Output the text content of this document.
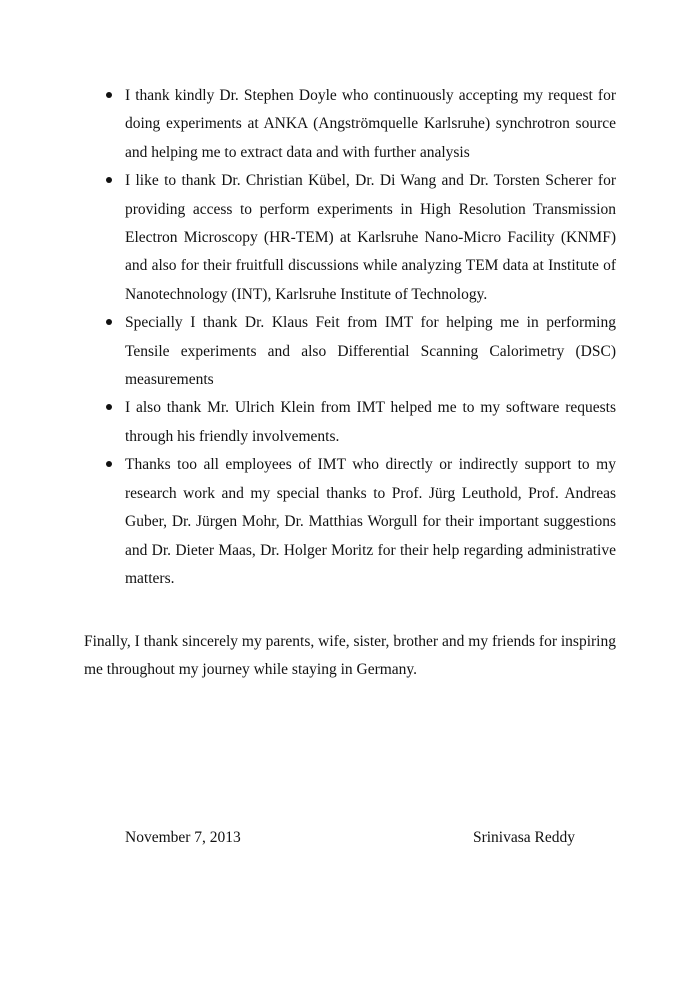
I thank kindly Dr. Stephen Doyle who continuously accepting my request for doing experiments at ANKA (Angströmquelle Karlsruhe) synchrotron source and helping me to extract data and with further analysis
I like to thank Dr. Christian Kübel, Dr. Di Wang and Dr. Torsten Scherer for providing access to perform experiments in High Resolution Transmission Electron Microscopy (HR-TEM) at Karlsruhe Nano-Micro Facility (KNMF) and also for their fruitfull discussions while analyzing TEM data at Institute of Nanotechnology (INT), Karlsruhe Institute of Technology.
Specially I thank Dr. Klaus Feit from IMT for helping me in performing Tensile experiments and also Differential Scanning Calorimetry (DSC) measurements
I also thank Mr. Ulrich Klein from IMT helped me to my software requests through his friendly involvements.
Thanks too all employees of IMT who directly or indirectly support to my research work and my special thanks to Prof. Jürg Leuthold, Prof. Andreas Guber, Dr. Jürgen Mohr, Dr. Matthias Worgull for their important suggestions and Dr. Dieter Maas, Dr. Holger Moritz for their help regarding administrative matters.

Finally, I thank sincerely my parents, wife, sister, brother and my friends for inspiring me throughout my journey while staying in Germany.

November 7, 2013	Srinivasa Reddy
